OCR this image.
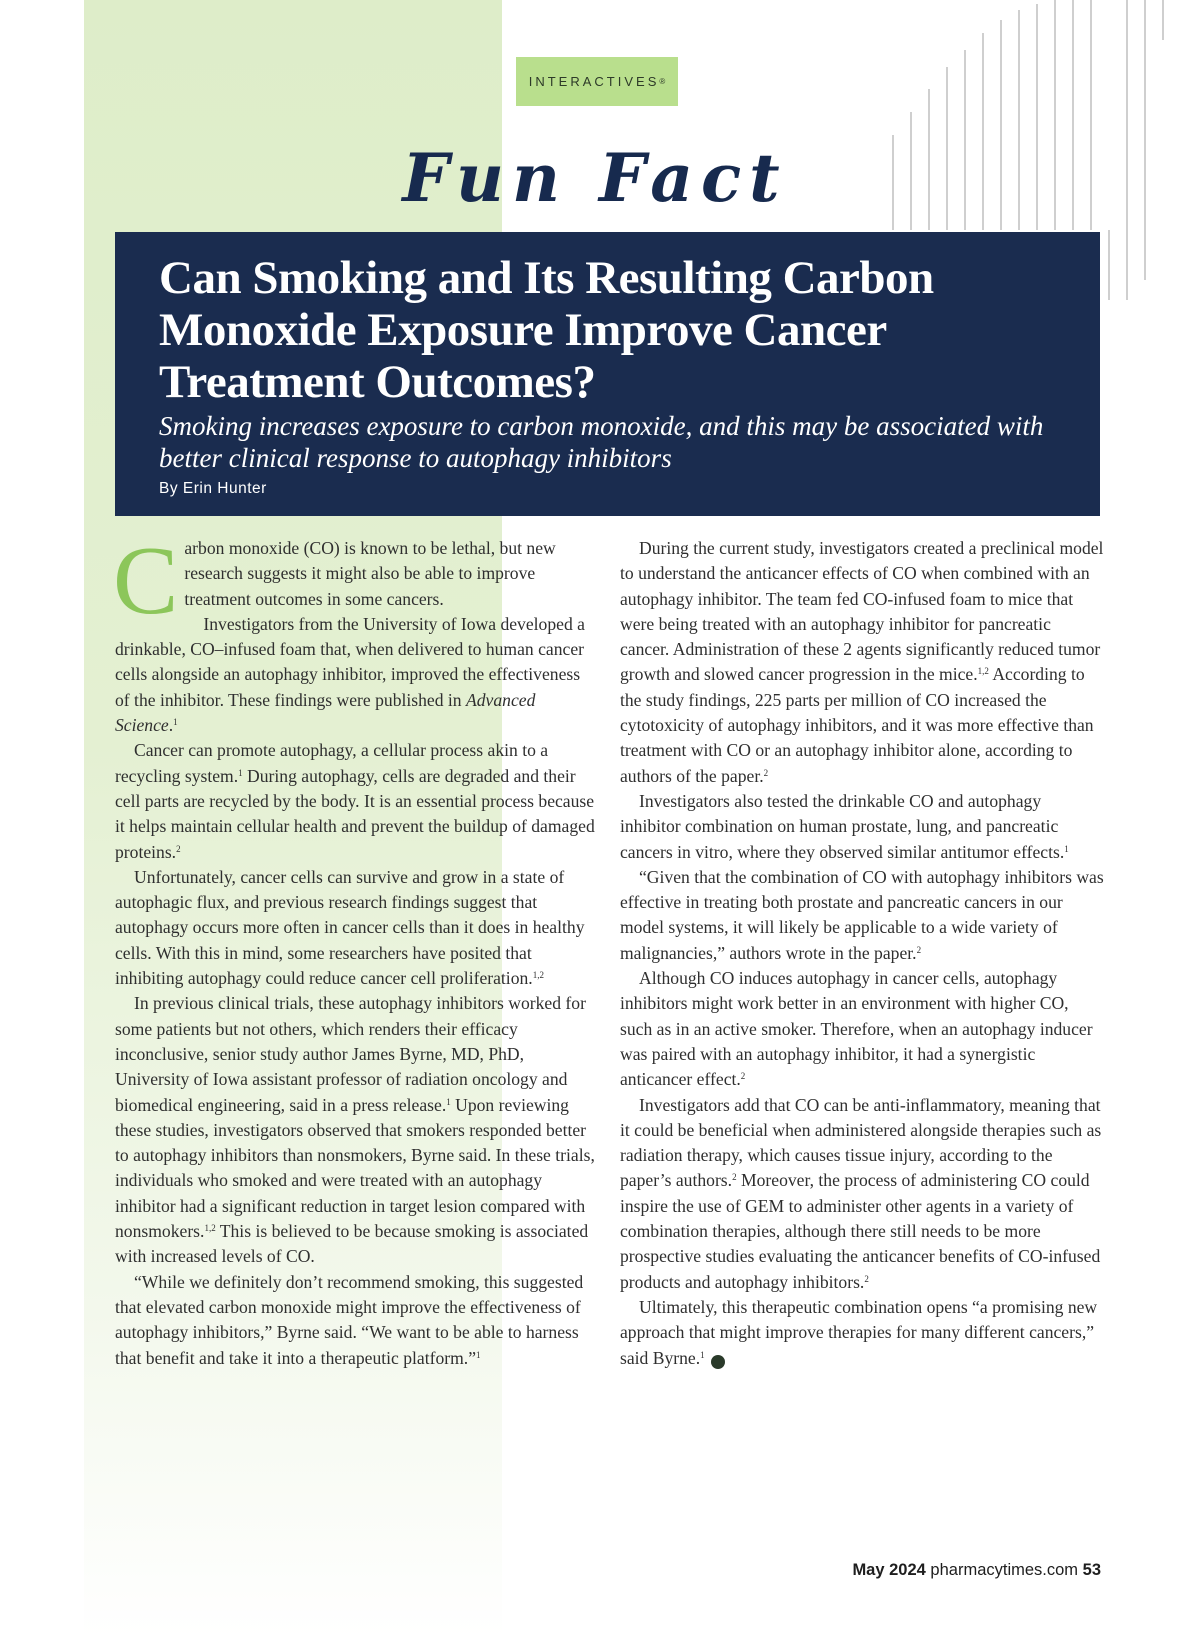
INTERACTIVES ®
Fun Fact
Can Smoking and Its Resulting Carbon
Monoxide Exposure Improve Cancer
Treatment Outcomes?
Smoking increases exposure to carbon monoxide, and this may be associated with better clinical response to autophagy inhibitors
By Erin Hunter

Carbon monoxide (CO) is known to be lethal, but new research suggests it might also be able to improve treatment outcomes in some cancers.

Investigators from the University of Iowa developed a drinkable, CO–infused foam that, when delivered to human cancer cells alongside an autophagy inhibitor, improved the effectiveness of the inhibitor. These findings were published in Advanced Science.$^1$

Cancer can promote autophagy, a cellular process akin to a recycling system.$^1$ During autophagy, cells are degraded and their cell parts are recycled by the body. It is an essential process because it helps maintain cellular health and prevent the buildup of damaged proteins.$^2$

Unfortunately, cancer cells can survive and grow in a state of autophagic flux, and previous research findings suggest that autophagy occurs more often in cancer cells than it does in healthy cells. With this in mind, some researchers have posited that inhibiting autophagy could reduce cancer cell proliferation.$^{1,2}$

In previous clinical trials, these autophagy inhibitors worked for some patients but not others, which renders their efficacy inconclusive, senior study author James Byrne, MD, PhD, University of Iowa assistant professor of radiation oncology and biomedical engineering, said in a press release.$^1$ Upon reviewing these studies, investigators observed that smokers responded better to autophagy inhibitors than nonsmokers, Byrne said. In these trials, individuals who smoked and were treated with an autophagy inhibitor had a significant reduction in target lesion compared with nonsmokers.$^{1,2}$ This is believed to be because smoking is associated with increased levels of CO.

“While we definitely don’t recommend smoking, this suggested that elevated carbon monoxide might improve the effectiveness of autophagy inhibitors,” Byrne said. “We want to be able to harness that benefit and take it into a therapeutic platform.”$^1$

During the current study, investigators created a preclinical model to understand the anticancer effects of CO when combined with an autophagy inhibitor. The team fed CO-infused foam to mice that were being treated with an autophagy inhibitor for pancreatic cancer. Administration of these 2 agents significantly reduced tumor growth and slowed cancer progression in the mice.$^{1,2}$ According to the study findings, 225 parts per million of CO increased the cytotoxicity of autophagy inhibitors, and it was more effective than treatment with CO or an autophagy inhibitor alone, according to authors of the paper.$^2$

Investigators also tested the drinkable CO and autophagy inhibitor combination on human prostate, lung, and pancreatic cancers in vitro, where they observed similar antitumor effects.$^1$

“Given that the combination of CO with autophagy inhibitors was effective in treating both prostate and pancreatic cancers in our model systems, it will likely be applicable to a wide variety of malignancies,” authors wrote in the paper.$^2$

Although CO induces autophagy in cancer cells, autophagy inhibitors might work better in an environment with higher CO, such as in an active smoker. Therefore, when an autophagy inducer was paired with an autophagy inhibitor, it had a synergistic anticancer effect.$^2$

Investigators add that CO can be anti-inflammatory, meaning that it could be beneficial when administered alongside therapies such as radiation therapy, which causes tissue injury, according to the paper’s authors.$^2$ Moreover, the process of administering CO could inspire the use of GEM to administer other agents in a variety of combination therapies, although there still needs to be more prospective studies evaluating the anticancer benefits of CO-infused products and autophagy inhibitors.$^2$

Ultimately, this therapeutic combination opens “a promising new approach that might improve therapies for many different cancers,” said Byrne.$^1$P

May 2024 pharmacytimes.com 53
